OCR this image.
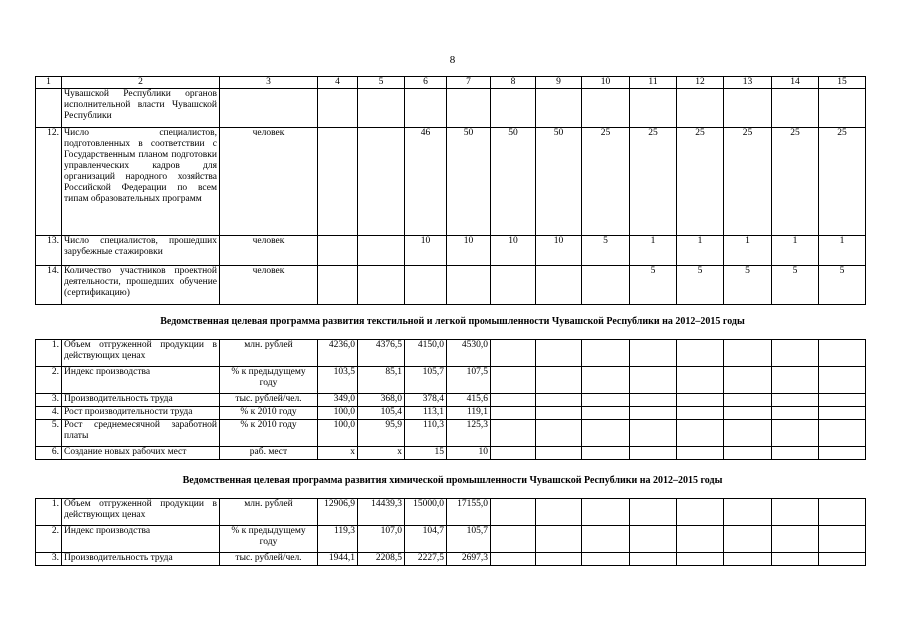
8
1	2	3	4	5	6	7	8	9	10	11	12	13	14	15
	Чувашской Республики органов исполнительной власти Чувашской Республики													
12.	Число специалистов, подготовленных в соответствии с Государственным планом подготовки управленческих кадров для организаций народного хозяйства Российской Федерации по всем типам образовательных программ	человек			46	50	50	50	25	25	25	25	25	25
13.	Число специалистов, прошедших зарубежные стажировки	человек			10	10	10	10	5	1	1	1	1	1
14.	Количество участников проектной деятельности, прошедших обучение (сертификацию)	человек								5	5	5	5	5
Ведомственная целевая программа развития текстильной и легкой промышленности Чувашской Республики на 2012–2015 годы
1.	Объем отгруженной продукции в действующих ценах	млн. рублей	4236,0	4376,5	4150,0	4530,0								
2.	Индекс производства	% к предыдущему году	103,5	85,1	105,7	107,5								
3.	Производительность труда	тыс. рублей/чел.	349,0	368,0	378,4	415,6								
4.	Рост производительности труда	% к 2010 году	100,0	105,4	113,1	119,1								
5.	Рост среднемесячной заработной платы	% к 2010 году	100,0	95,9	110,3	125,3								
6.	Создание новых рабочих мест	раб. мест	х	х	15	10								
Ведомственная целевая программа развития химической промышленности Чувашской Республики на 2012–2015 годы
1.	Объем отгруженной продукции в действующих ценах	млн. рублей	12906,9	14439,3	15000,0	17155,0								
2.	Индекс производства	% к предыдущему году	119,3	107,0	104,7	105,7								
3.	Производительность труда	тыс. рублей/чел.	1944,1	2208,5	2227,5	2697,3								
